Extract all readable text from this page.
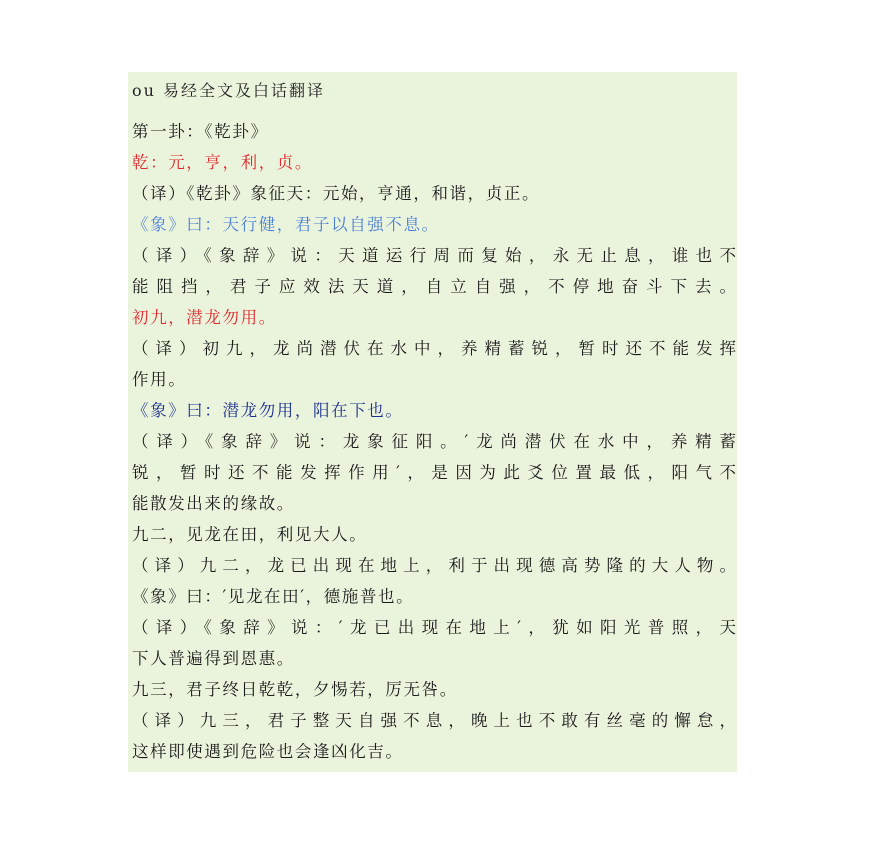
ou 易经全文及白话翻译
第一卦：《乾卦》
乾：元，亨，利，贞。
（译）《乾卦》象征天：元始，亨通，和谐，贞正。
《象》曰：天行健，君子以自强不息。
（译）《象辞》说：天道运行周而复始，永无止息，谁也不
能阻挡，君子应效法天道，自立自强，不停地奋斗下去。
初九，潜龙勿用。
（译）初九，龙尚潜伏在水中，养精蓄锐，暂时还不能发挥
作用。
《象》曰：潜龙勿用，阳在下也。
（译）《象辞》说：龙象征阳。′龙尚潜伏在水中，养精蓄
锐，暂时还不能发挥作用′，是因为此爻位置最低，阳气不
能散发出来的缘故。
九二，见龙在田，利见大人。
（译）九二，龙已出现在地上，利于出现德高势隆的大人物。
《象》曰：′见龙在田′，德施普也。
（译）《象辞》说：′龙已出现在地上′，犹如阳光普照，天
下人普遍得到恩惠。
九三，君子终日乾乾，夕惕若，厉无咎。
（译）九三，君子整天自强不息，晚上也不敢有丝毫的懈怠，
这样即使遇到危险也会逢凶化吉。
